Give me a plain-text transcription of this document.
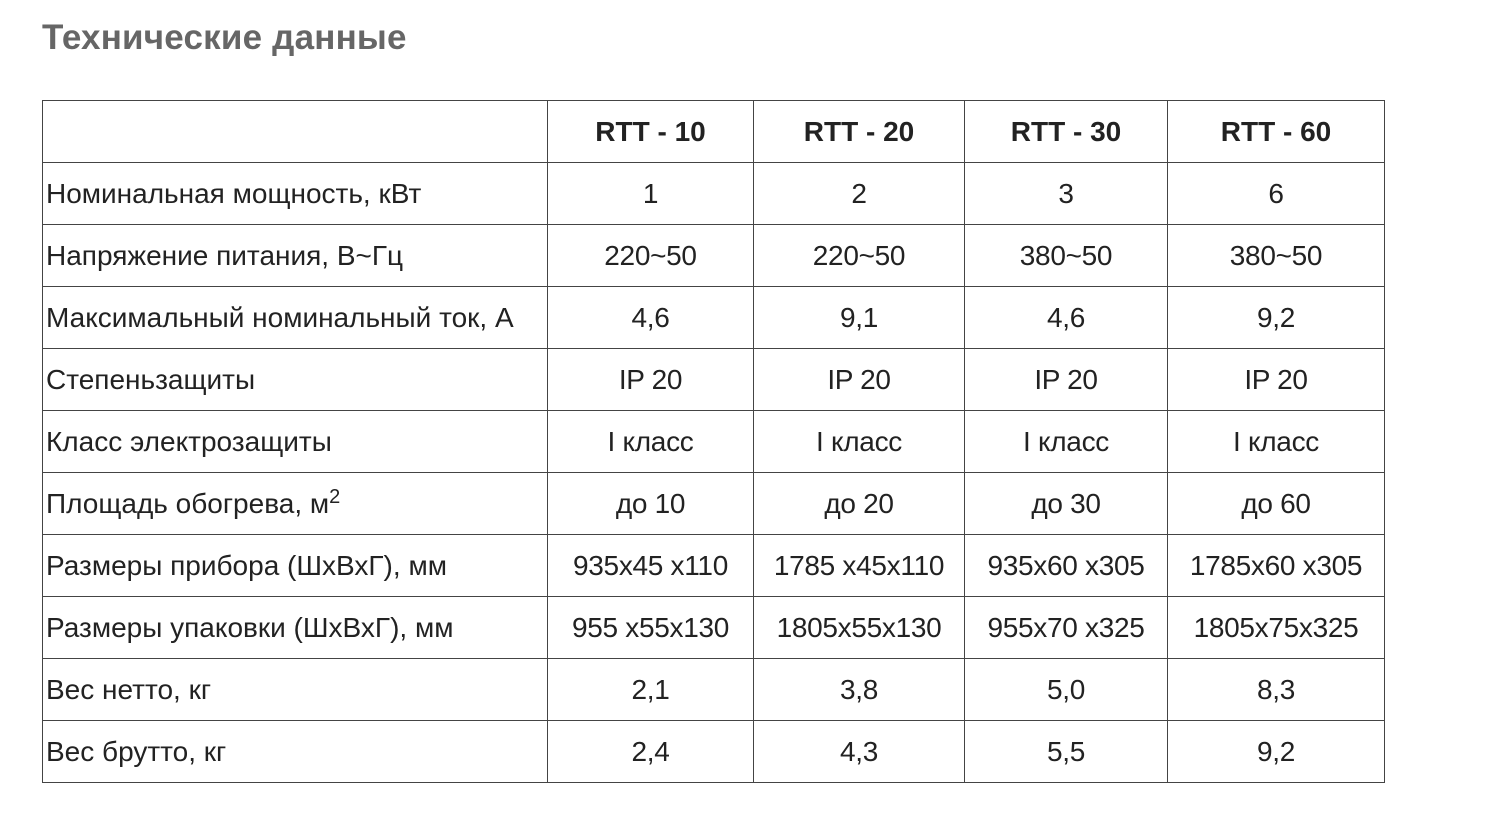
Технические данные
	RTT - 10	RTT - 20	RTT - 30	RTT - 60
Номинальная мощность, кВт	1	2	3	6
Напряжение питания, В~Гц	220~50	220~50	380~50	380~50
Максимальный номинальный ток, А	4,6	9,1	4,6	9,2
Степеньзащиты	IP 20	IP 20	IP 20	IP 20
Класс электрозащиты	I класс	I класс	I класс	I класс
Площадь обогрева, $м^2$	до 10	до 20	до 30	до 60
Размеры прибора (ШхВхГ), мм	935х45 х110	1785 х45х110	935х60 х305	1785х60 х305
Размеры упаковки (ШхВхГ), мм	955 х55х130	1805х55х130	955х70 х325	1805х75х325
Вес нетто, кг	2,1	3,8	5,0	8,3
Вес брутто, кг	2,4	4,3	5,5	9,2
